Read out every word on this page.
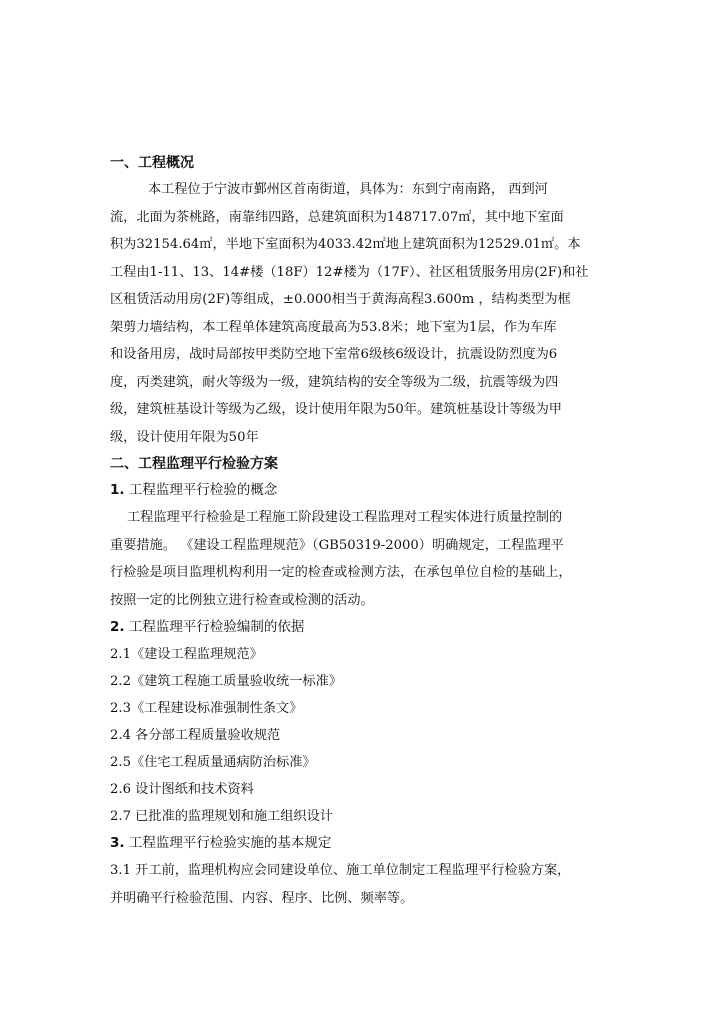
一、工程概况
本工程位于宁波市鄞州区首南街道，具体为：东到宁南南路， 西到河
流，北面为茶桃路，南靠纬四路，总建筑面积为148717.07㎡，其中地下室面
积为32154.64㎡，半地下室面积为4033.42㎡地上建筑面积为12529.01㎡。本
工程由1-11、13、14#楼（18F）12#楼为（17F）、社区租赁服务用房(2F)和社
区租赁活动用房(2F)等组成，±0.000相当于黄海高程3.600m ，结构类型为框
架剪力墙结构，本工程单体建筑高度最高为53.8米；地下室为1层，作为车库
和设备用房，战时局部按甲类防空地下室常6级核6级设计，抗震设防烈度为6
度，丙类建筑，耐火等级为一级，建筑结构的安全等级为二级，抗震等级为四
级，建筑桩基设计等级为乙级，设计使用年限为50年。建筑桩基设计等级为甲
级，设计使用年限为50年
二、工程监理平行检验方案
1. 工程监理平行检验的概念
工程监理平行检验是工程施工阶段建设工程监理对工程实体进行质量控制的
重要措施。 《建设工程监理规范》（GB50319-2000）明确规定，工程监理平
行检验是项目监理机构利用一定的检查或检测方法，在承包单位自检的基础上，
按照一定的比例独立进行检查或检测的活动。
2. 工程监理平行检验编制的依据
2.1《建设工程监理规范》
2.2《建筑工程施工质量验收统一标准》
2.3《工程建设标准强制性条文》
2.4 各分部工程质量验收规范
2.5《住宅工程质量通病防治标准》
2.6 设计图纸和技术资料
2.7 已批准的监理规划和施工组织设计
3. 工程监理平行检验实施的基本规定
3.1 开工前，监理机构应会同建设单位、施工单位制定工程监理平行检验方案，
并明确平行检验范围、内容、程序、比例、频率等。
